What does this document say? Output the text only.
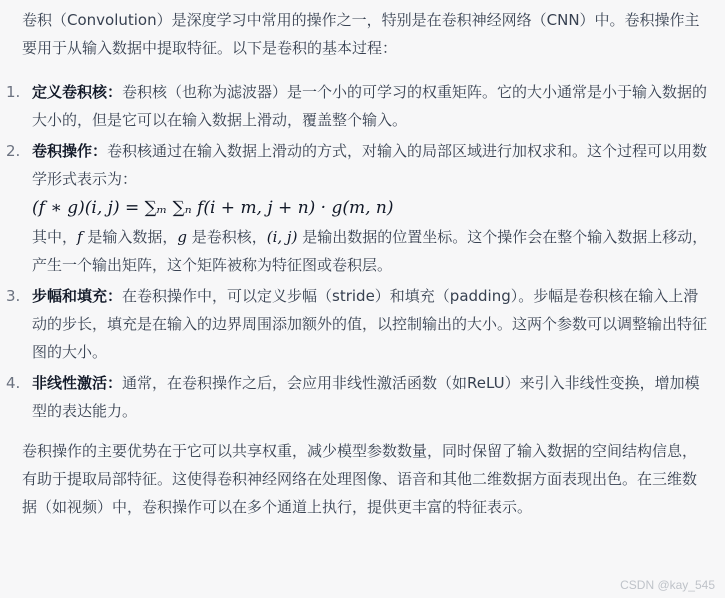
卷积（Convolution）是深度学习中常用的操作之一，特别是在卷积神经网络（CNN）中。卷积操作主要用于从输入数据中提取特征。以下是卷积的基本过程：

1. 定义卷积核：卷积核（也称为滤波器）是一个小的可学习的权重矩阵。它的大小通常是小于输入数据的大小的，但是它可以在输入数据上滑动，覆盖整个输入。

2. 卷积操作：卷积核通过在输入数据上滑动的方式，对输入的局部区域进行加权求和。这个过程可以用数学形式表示为：

(f ∗ g)(i, j) = ∑ₘ ∑ₙ f(i + m, j + n) · g(m, n)

其中，f 是输入数据，g 是卷积核，(i, j) 是输出数据的位置坐标。这个操作会在整个输入数据上移动，产生一个输出矩阵，这个矩阵被称为特征图或卷积层。

3. 步幅和填充：在卷积操作中，可以定义步幅（stride）和填充（padding）。步幅是卷积核在输入上滑动的步长，填充是在输入的边界周围添加额外的值，以控制输出的大小。这两个参数可以调整输出特征图的大小。

4. 非线性激活：通常，在卷积操作之后，会应用非线性激活函数（如ReLU）来引入非线性变换，增加模型的表达能力。

卷积操作的主要优势在于它可以共享权重，减少模型参数数量，同时保留了输入数据的空间结构信息，有助于提取局部特征。这使得卷积神经网络在处理图像、语音和其他二维数据方面表现出色。在三维数据（如视频）中，卷积操作可以在多个通道上执行，提供更丰富的特征表示。

CSDN @kay_545
